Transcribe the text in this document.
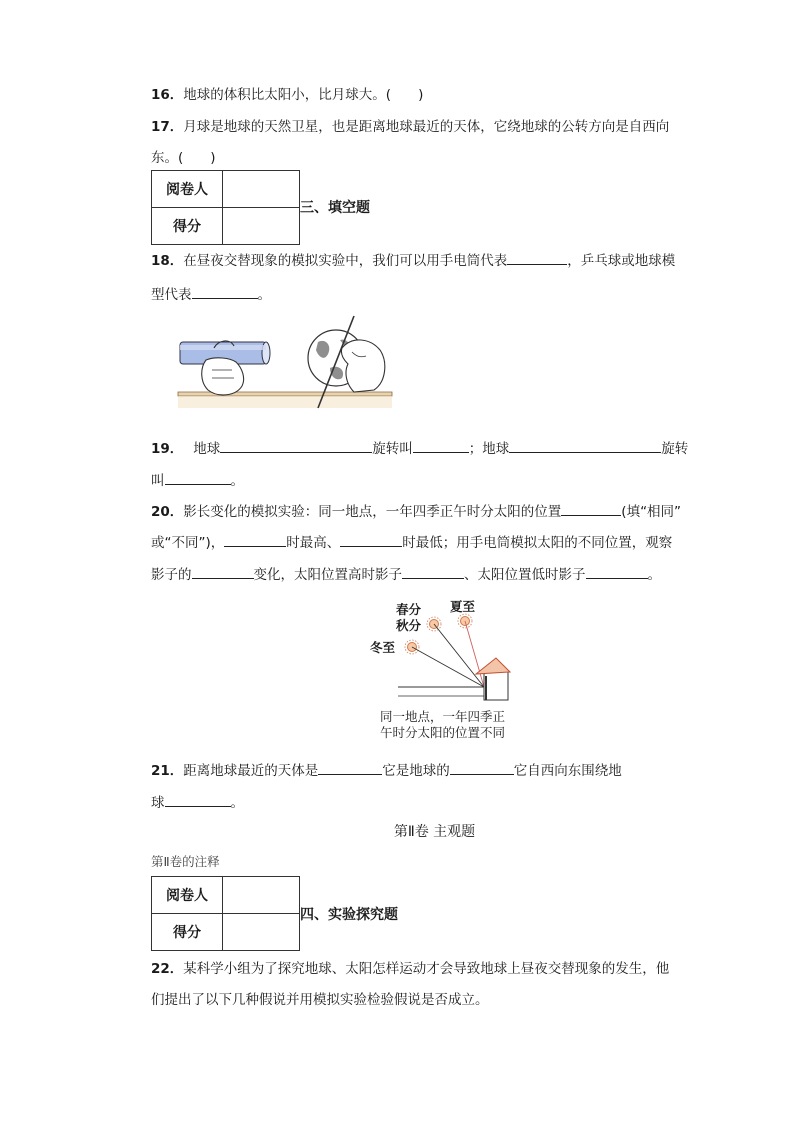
16．地球的体积比太阳小，比月球大。(　　)
17．月球是地球的天然卫星，也是距离地球最近的天体，它绕地球的公转方向是自西向
东。(　　)
阅卷人	
得分	
三、填空题
18．在昼夜交替现象的模拟实验中，我们可以用手电筒代表	，乒乓球或地球模
型代表	。
19． 地球	旋转叫	；地球	旋转
叫	。
20．影长变化的模拟实验：同一地点，一年四季正午时分太阳的位置	(填“相同”
或“不同”)，	时最高、	时最低；用手电筒模拟太阳的不同位置，观察
影子的	变化，太阳位置高时影子	、太阳位置低时影子	。
春分
秋分
夏至
冬至
同一地点，一年四季正
午时分太阳的位置不同
21．距离地球最近的天体是	它是地球的	它自西向东围绕地
球	。
第Ⅱ卷 主观题
第Ⅱ卷的注释
阅卷人	
得分	
四、实验探究题
22．某科学小组为了探究地球、太阳怎样运动才会导致地球上昼夜交替现象的发生，他
们提出了以下几种假说并用模拟实验检验假说是否成立。
